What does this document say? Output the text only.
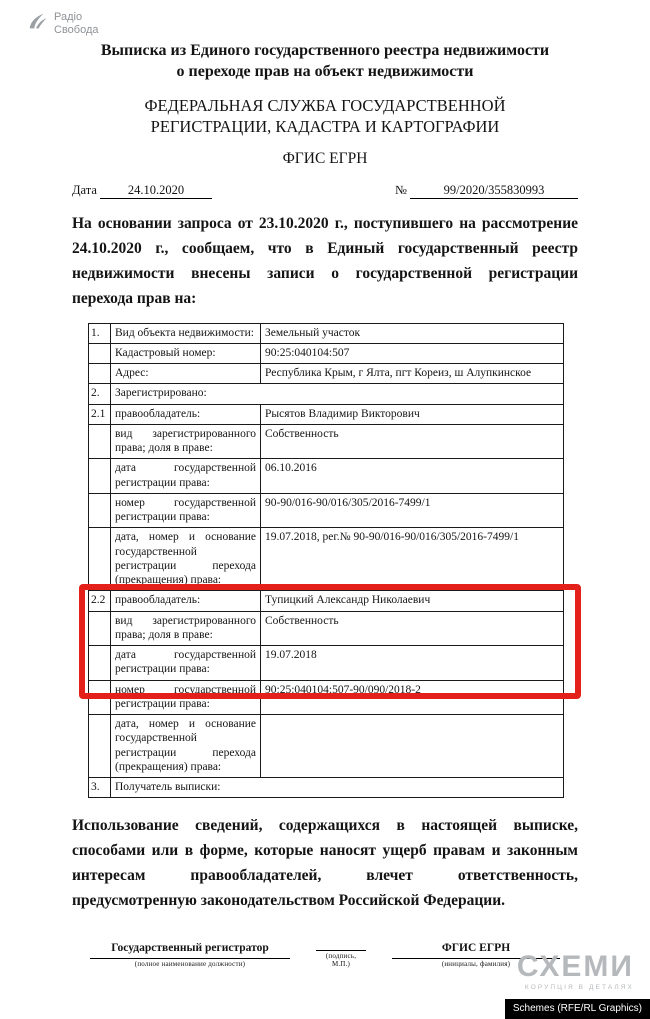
Радіо
Свобода
Выписка из Единого государственного реестра недвижимости о переходе прав на объект недвижимости
ФЕДЕРАЛЬНАЯ СЛУЖБА ГОСУДАРСТВЕННОЙ РЕГИСТРАЦИИ, КАДАСТРА И КАРТОГРАФИИ
ФГИС ЕГРН
Дата 24.10.2020	№	99/2020/355830993

На основании запроса от 23.10.2020 г., поступившего на рассмотрение 24.10.2020 г., сообщаем, что в Единый государственный реестр недвижимости внесены записи о государственной регистрации перехода прав на:

1.	Вид объекта недвижимости:	Земельный участок
	Кадастровый номер:	90:25:040104:507
	Адрес:	Республика Крым, г Ялта, пгт Кореиз, ш Алупкинское
2.	Зарегистрировано:	
2.1	правообладатель:	Рысятов Владимир Викторович
	вид зарегистрированного права; доля в праве:	Собственность
	дата государственной регистрации права:	06.10.2016
	номер государственной регистрации права:	90-90/016-90/016/305/2016-7499/1
	дата, номер и основание государственной регистрации перехода (прекращения) права:	19.07.2018, рег.№ 90-90/016-90/016/305/2016-7499/1
2.2	правообладатель:	Тупицкий Александр Николаевич
	вид зарегистрированного права; доля в праве:	Собственность
	дата государственной регистрации права:	19.07.2018
	номер государственной регистрации права:	90:25:040104:507-90/090/2018-2
	дата, номер и основание государственной регистрации перехода (прекращения) права:	
3.	Получатель выписки:	

Использование сведений, содержащихся в настоящей выписке, способами или в форме, которые наносят ущерб правам и законным интересам правообладателей, влечет ответственность, предусмотренную законодательством Российской Федерации.

Государственный регистратор
(полное наименование должности)
(подпись, М.П.)
ФГИС ЕГРН
(инициалы, фамилия) СХЕМИ
КОРУПЦІЯ В ДЕТАЛЯХ
Schemes (RFE/RL Graphics)
